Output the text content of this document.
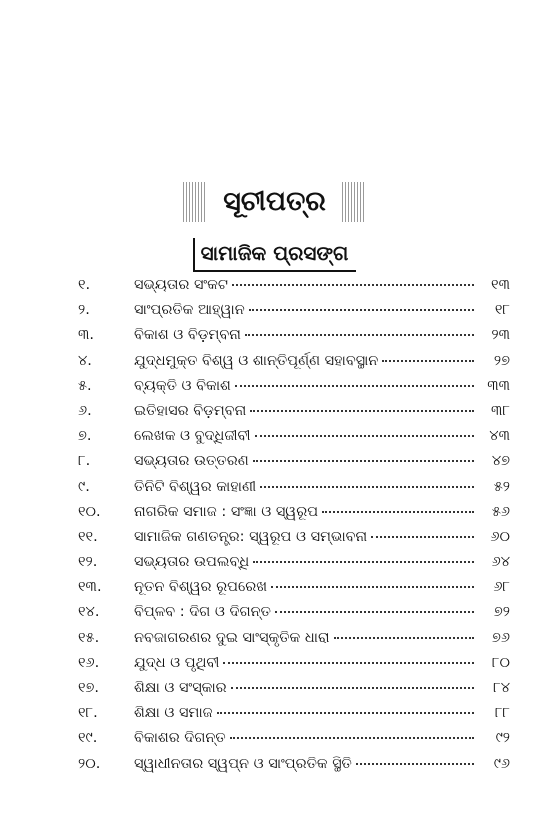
ସୂଚୀପତ୍ର
ସାମାଜିକ ପ୍ରସଙ୍ଗ
୧.	ସଭ୍ୟତାର ସଂକଟ	୧୩
୨.	ସାଂପ୍ରତିକ ଆହ୍ୱାନ	୧୮
୩.	ବିକାଶ ଓ ବିଡ଼ମ୍ବନା	୨୩
୪.	ଯୁଦ୍ଧମୁକ୍ତ ବିଶ୍ୱ ଓ ଶାନ୍ତିପୂର୍ଣ୍ଣ ସହାବସ୍ଥାନ	୨୭
୫.	ବ୍ୟକ୍ତି ଓ ବିକାଶ	୩୩
୬.	ଇତିହାସର ବିଡ଼ମ୍ବନା	୩୮
୭.	ଲେଖକ ଓ ବୁଦ୍ଧିଜୀବୀ	୪୩
୮.	ସଭ୍ୟତାର ଉତ୍ତରଣ	୪୭
୯.	ତିନିଟି ବିଶ୍ୱର କାହାଣୀ	୫୨
୧୦.	ନାଗରିକ ସମାଜ : ସଂଜ୍ଞା ଓ ସ୍ୱରୂପ	୫୬
୧୧.	ସାମାଜିକ ଗଣତନ୍ତ୍ର: ସ୍ୱରୂପ ଓ ସମ୍ଭାବନା	୬୦
୧୨.	ସଭ୍ୟତାର ଉପଲବ୍ଧି	୬୪
୧୩.	ନୂତନ ବିଶ୍ୱର ରୂପରେଖ	୬୮
୧୪.	ବିପ୍ଳବ : ଦିଗ ଓ ଦିଗନ୍ତ	୭୨
୧୫.	ନବଜାଗରଣର ଦୁଇ ସାଂସ୍କୃତିକ ଧାରା	୭୬
୧୬.	ଯୁଦ୍ଧ ଓ ପୃଥିବୀ	୮୦
୧୭.	ଶିକ୍ଷା ଓ ସଂସ୍କାର	୮୪
୧୮.	ଶିକ୍ଷା ଓ ସମାଜ	୮୮
୧୯.	ବିକାଶର ଦିଗନ୍ତ	୯୨
୨୦.	ସ୍ୱାଧୀନତାର ସ୍ୱପ୍ନ ଓ ସାଂପ୍ରତିକ ସ୍ଥିତି	୯୬
